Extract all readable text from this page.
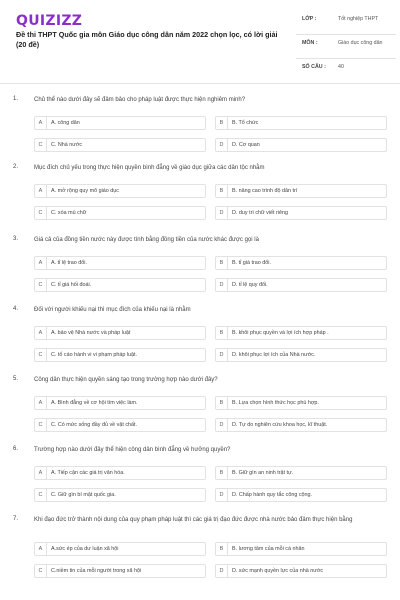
QUIZIZZ
Đề thi THPT Quốc gia môn Giáo dục công dân năm 2022 chọn lọc, có lời giải (20 đề)
LỚP :	Tốt nghiệp THPT
MÔN :	Giáo dục công dân
SỐ CÂU : 40
1.	Chủ thể nào dưới đây sẽ đảm bảo cho pháp luật được thực hiện nghiêm minh?
A	A. công dân	B	B. Tổ chức
C	C. Nhà nước	D	D. Cơ quan
2.	Mục đích chủ yếu trong thực hiện quyền bình đẳng về giáo dục giữa các dân tộc nhằm
A	A. mở rộng quy mô giáo dục	B	B. nâng cao trình độ dân trí
C	C. xóa mù chữ	D	D. duy trì chữ viết riêng
3.	Giá cả của đồng tiền nước này được tính bằng đồng tiền của nước khác được gọi là
A	A. tỉ lệ trao đổi.	B	B. tỉ giá trao đổi.
C	C. tỉ giá hối đoái.	D	D. tỉ lệ quy đổi.
4.	Đối với người khiếu nại thì mục đích của khiếu nại là nhằm
A	A. bảo vệ Nhà nước và pháp luật	B	B. khôi phục quyền và lợi ích hợp pháp .
C	C. tố cáo hành vi vi phạm pháp luật.	D	D. khôi phục lợi ích của Nhà nước.
5.	Công dân thực hiện quyền sáng tạo trong trường hợp nào dưới đây?
A	A. Bình đẳng về cơ hội tìm việc làm.	B	B. Lựa chọn hình thức học phù hợp.
C	C. Có mức sống đầy đủ về vật chất.	D	D. Tự do nghiên cứu khoa học, kĩ thuật.
6.	Trường hợp nào dưới đây thể hiện công dân bình đẳng về hưởng quyền?
A	A. Tiếp cận các giá trị văn hóa.	B	B. Giữ gìn an ninh trật tự.
C	C. Giữ gìn bí mật quốc gia.	D	D. Chấp hành quy tắc công cộng.
7.	Khi đạo đức trở thành nội dung của quy phạm pháp luật thì các giá trị đạo đức được nhà nước bảo đảm thực hiện bằng
A	A.sức ép của dư luận xã hội	B	B. lương tâm của mỗi cá nhân
C	C.niềm tin của mỗi người trong xã hội	D	D. sức mạnh quyền lực của nhà nước
